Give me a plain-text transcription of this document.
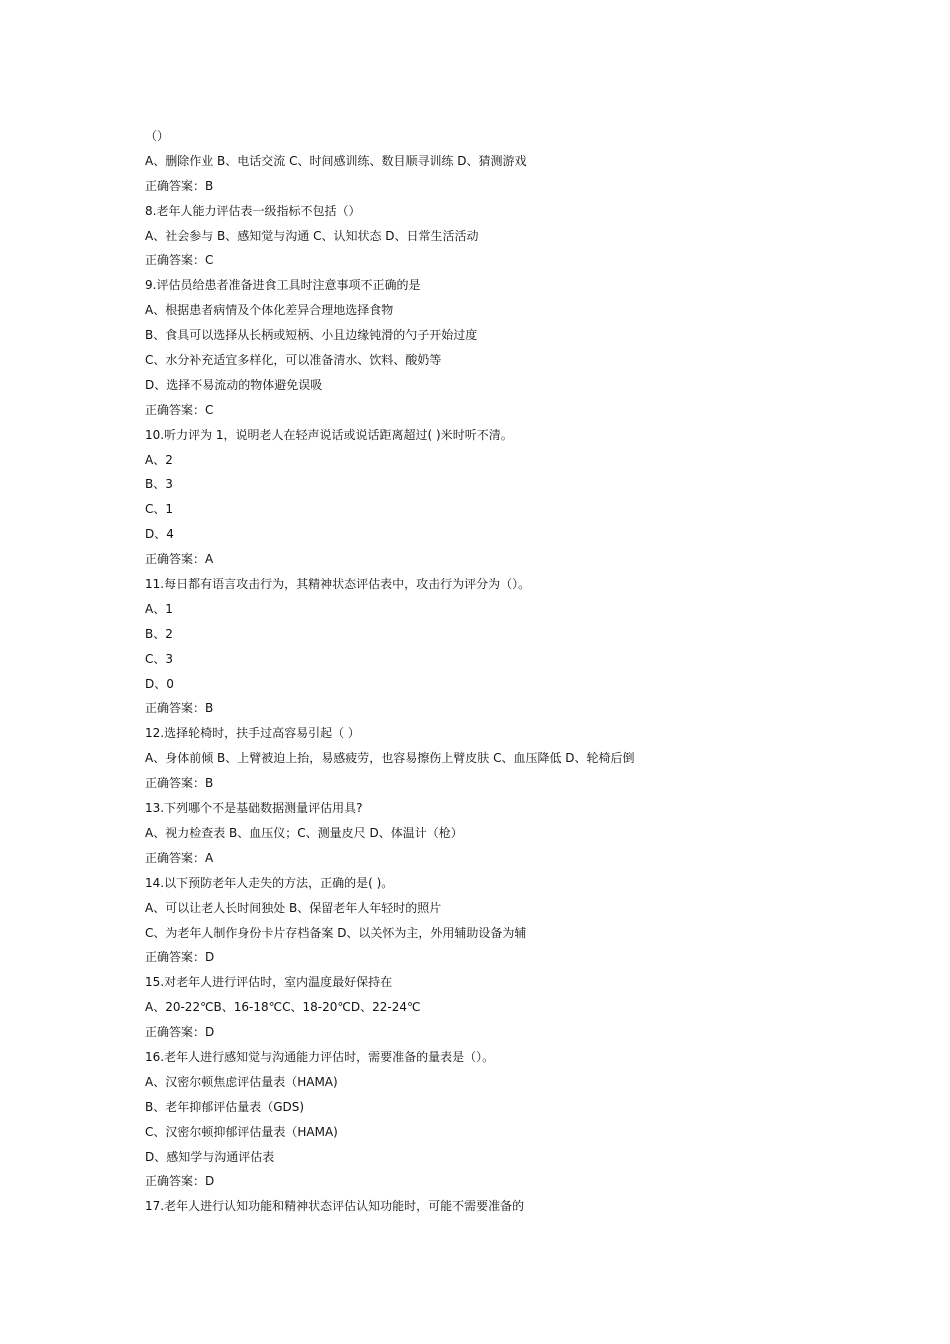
（）
A、删除作业 B、电话交流 C、时间感训练、数目顺寻训练 D、猜测游戏
正确答案：B
8.老年人能力评估表一级指标不包括（）
A、社会参与 B、感知觉与沟通 C、认知状态 D、日常生活活动
正确答案：C
9.评估员给患者准备进食工具时注意事项不正确的是
A、根据患者病情及个体化差异合理地选择食物
B、食具可以选择从长柄或短柄、小且边缘钝滑的勺子开始过度
C、水分补充适宜多样化，可以准备清水、饮料、酸奶等
D、选择不易流动的物体避免误吸
正确答案：C
10.听力评为 1，说明老人在轻声说话或说话距离超过( )米时听不清。
A、2
B、3
C、1
D、4
正确答案：A
11.每日都有语言攻击行为，其精神状态评估表中，攻击行为评分为（）。
A、1
B、2
C、3
D、0
正确答案：B
12.选择轮椅时，扶手过高容易引起（ ）
A、身体前倾 B、上臂被迫上抬，易感疲劳，也容易擦伤上臂皮肤 C、血压降低 D、轮椅后倒
正确答案：B
13.下列哪个不是基础数据测量评估用具?
A、视力检查表 B、血压仪；C、测量皮尺 D、体温计（枪）
正确答案：A
14.以下预防老年人走失的方法，正确的是( )。
A、可以让老人长时间独处 B、保留老年人年轻时的照片
C、为老年人制作身份卡片存档备案 D、以关怀为主，外用辅助设备为辅
正确答案：D
15.对老年人进行评估时，室内温度最好保持在
A、20-22℃B、16-18℃C、18-20℃D、22-24℃
正确答案：D
16.老年人进行感知觉与沟通能力评估时，需要准备的量表是（）。
A、汉密尔顿焦虑评估量表（HAMA)
B、老年抑郁评估量表（GDS)
C、汉密尔顿抑郁评估量表（HAMA)
D、感知学与沟通评估表
正确答案：D
17.老年人进行认知功能和精神状态评估认知功能时，可能不需要准备的
